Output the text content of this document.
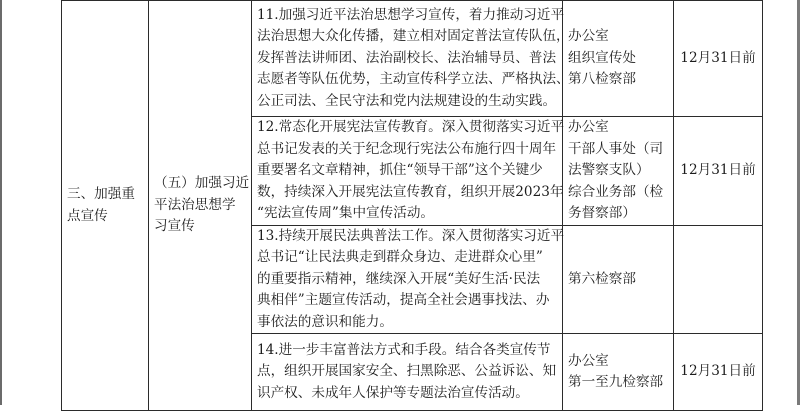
三、加强重
点宣传	（五）加强习近
平法治思想学
习宣传	11.加强习近平法治思想学习宣传，着力推动习近平
法治思想大众化传播，建立相对固定普法宣传队伍，
发挥普法讲师团、法治副校长、法治辅导员、普法
志愿者等队伍优势，主动宣传科学立法、严格执法、
公正司法、全民守法和党内法规建设的生动实践。	办公室
组织宣传处
第八检察部	12月31日前

		12.常态化开展宪法宣传教育。深入贯彻落实习近平
总书记发表的关于纪念现行宪法公布施行四十周年
重要署名文章精神，抓住“领导干部”这个关键少
数，持续深入开展宪法宣传教育，组织开展2023年
“宪法宣传周”集中宣传活动。	办公室
干部人事处（司
法警察支队）
综合业务部（检
务督察部）	12月31日前

		13.持续开展民法典普法工作。深入贯彻落实习近平
总书记“让民法典走到群众身边、走进群众心里”
的重要指示精神，继续深入开展“美好生活·民法
典相伴”主题宣传活动，提高全社会遇事找法、办
事依法的意识和能力。	第六检察部	

		14.进一步丰富普法方式和手段。结合各类宣传节
点，组织开展国家安全、扫黑除恶、公益诉讼、知
识产权、未成年人保护等专题法治宣传活动。	办公室
第一至九检察部	12月31日前
